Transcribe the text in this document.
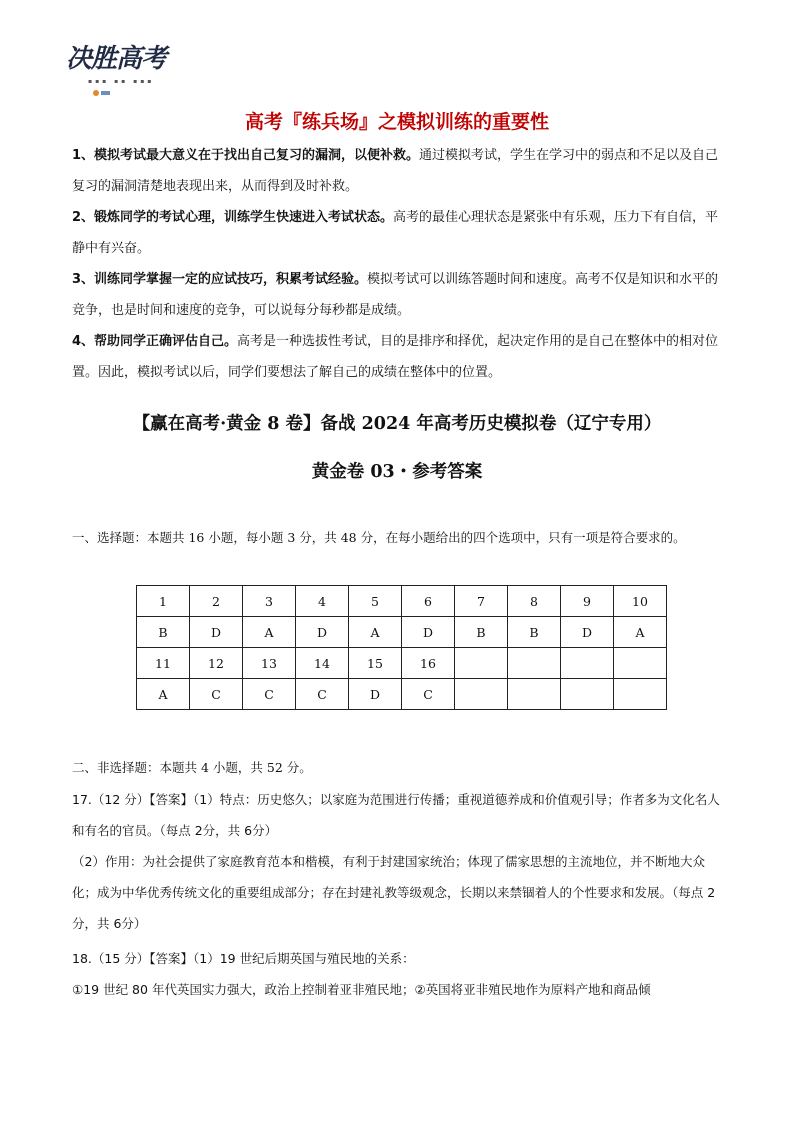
决胜高考
▪▪▪ ▪▪ ▪▪▪
高考『练兵场』之模拟训练的重要性
1、模拟考试最大意义在于找出自己复习的漏洞，以便补救。通过模拟考试，学生在学习中的弱点和不足以及自己复习的漏洞清楚地表现出来，从而得到及时补救。
2、锻炼同学的考试心理，训练学生快速进入考试状态。高考的最佳心理状态是紧张中有乐观，压力下有自信，平静中有兴奋。
3、训练同学掌握一定的应试技巧，积累考试经验。模拟考试可以训练答题时间和速度。高考不仅是知识和水平的竞争，也是时间和速度的竞争，可以说每分每秒都是成绩。
4、帮助同学正确评估自己。高考是一种选拔性考试，目的是排序和择优，起决定作用的是自己在整体中的相对位置。因此，模拟考试以后，同学们要想法了解自己的成绩在整体中的位置。
【赢在高考·黄金 8 卷】备战 2024 年高考历史模拟卷（辽宁专用）
黄金卷 03・参考答案
一、选择题：本题共 16 小题，每小题 3 分，共 48 分，在每小题给出的四个选项中，只有一项是符合要求的。
1	2	3	4	5	6	7	8	9	10
B	D	A	D	A	D	B	B	D	A
11	12	13	14	15	16				
A	C	C	C	D	C				
二、非选择题：本题共 4 小题，共 52 分。
17.（12 分）【答案】（1）特点：历史悠久；以家庭为范围进行传播；重视道德养成和价值观引导；作者多为文化名人和有名的官员。（每点 2分，共 6分）
（2）作用：为社会提供了家庭教育范本和楷模，有利于封建国家统治；体现了儒家思想的主流地位，并不断地大众化；成为中华优秀传统文化的重要组成部分；存在封建礼教等级观念，长期以来禁锢着人的个性要求和发展。（每点 2分，共 6分）
18.（15 分）【答案】（1）19 世纪后期英国与殖民地的关系：
①19 世纪 80 年代英国实力强大，政治上控制着亚非殖民地；②英国将亚非殖民地作为原料产地和商品倾
